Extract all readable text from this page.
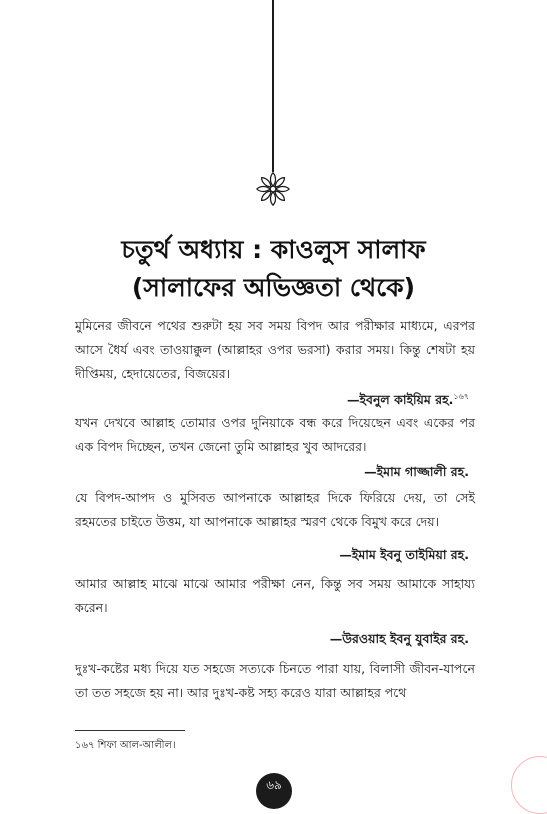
চতুর্থ অধ্যায় : কাওলুস সালাফ
(সালাফের অভিজ্ঞতা থেকে)

মুমিনের জীবনে পথের শুরুটা হয় সব সময় বিপদ আর পরীক্ষার মাধ্যমে, এরপর আসে ধৈর্য এবং তাওয়াক্কুল (আল্লাহর ওপর ভরসা) করার সময়। কিন্তু শেষটা হয় দীপ্তিময়, হেদায়েতের, বিজয়ের।

—ইবনুল কাইয়িম রহ.$^{১৬৭}$

যখন দেখবে আল্লাহ তোমার ওপর দুনিয়াকে বন্ধ করে দিয়েছেন এবং একের পর এক বিপদ দিচ্ছেন, তখন জেনো তুমি আল্লাহর খুব আদরের।

—ইমাম গাজ্জালী রহ.

যে বিপদ-আপদ ও মুসিবত আপনাকে আল্লাহর দিকে ফিরিয়ে দেয়, তা সেই রহমতের চাইতে উত্তম, যা আপনাকে আল্লাহর স্মরণ থেকে বিমুখ করে দেয়।

—ইমাম ইবনু তাইমিয়া রহ.

আমার আল্লাহ মাঝে মাঝে আমার পরীক্ষা নেন, কিন্তু সব সময় আমাকে সাহায্য করেন।

—উরওয়াহ ইবনু যুবাইর রহ.

দুঃখ-কষ্টের মধ্য দিয়ে যত সহজে সত্যকে চিনতে পারা যায়, বিলাসী জীবন-যাপনে তা তত সহজে হয় না। আর দুঃখ-কষ্ট সহ্য করেও যারা আল্লাহর পথে

১৬৭ শিফা আল-আলীল।
৬৯
